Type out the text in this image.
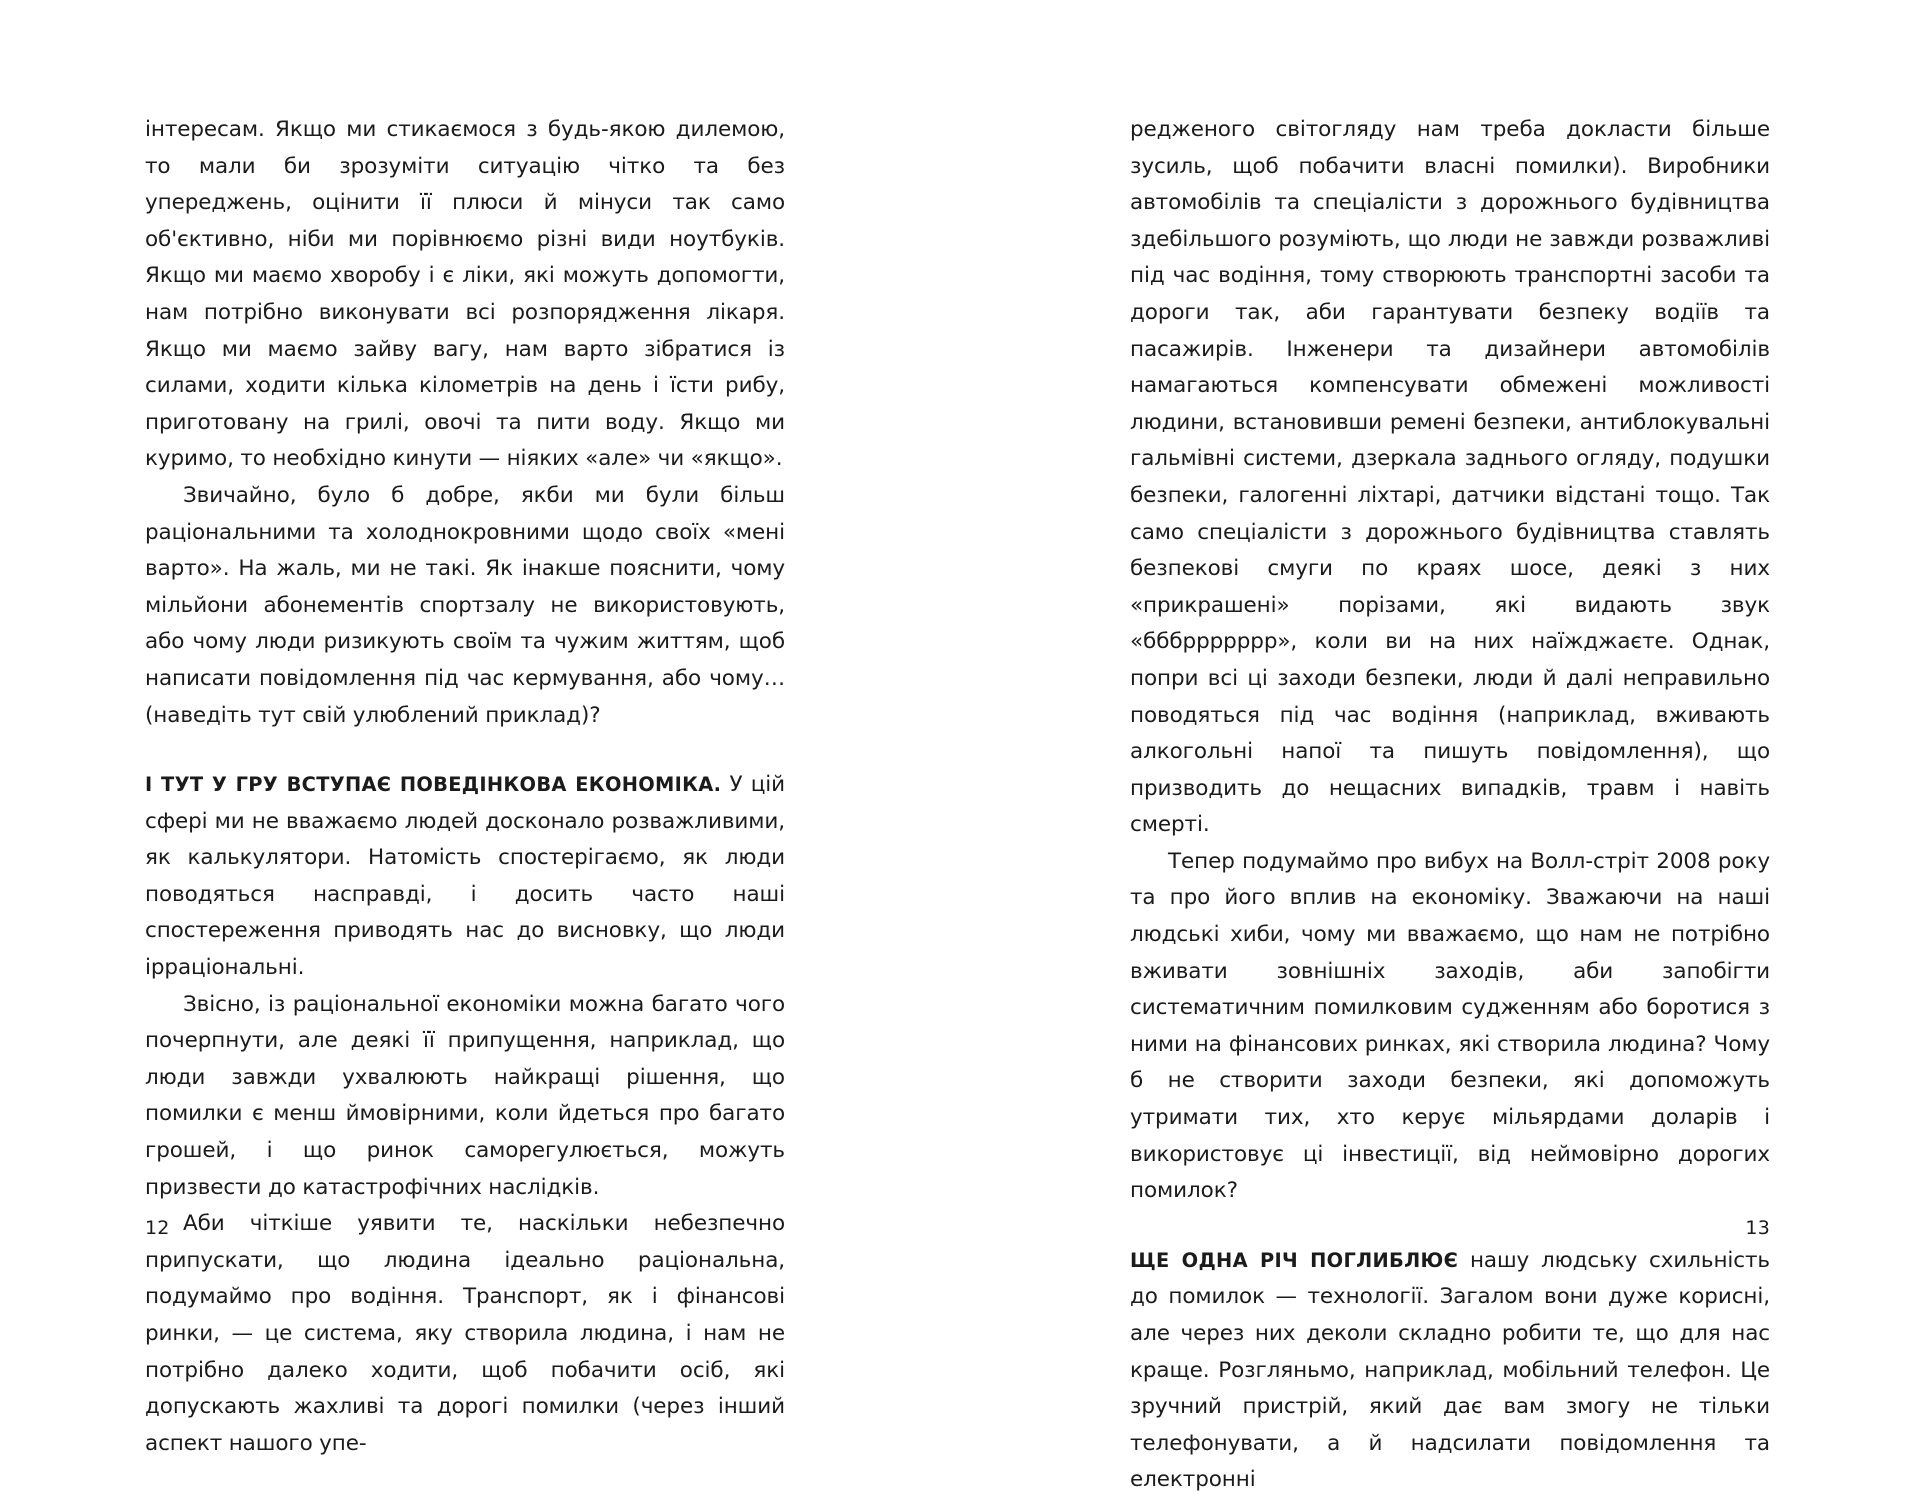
інтересам. Якщо ми стикаємося з будь-якою дилемою, то мали би зрозуміти ситуацію чітко та без упереджень, оцінити її плюси й мінуси так само об'єктивно, ніби ми порівнюємо різні види ноутбуків. Якщо ми маємо хворобу і є ліки, які можуть допомогти, нам потрібно виконувати всі розпорядження лікаря. Якщо ми маємо зайву вагу, нам варто зібратися із силами, ходити кілька кілометрів на день і їсти рибу, приготовану на грилі, овочі та пити воду. Якщо ми куримо, то необхідно кинути — ніяких «але» чи «якщо».

Звичайно, було б добре, якби ми були більш раціональними та холоднокровними щодо своїх «мені варто». На жаль, ми не такі. Як інакше пояснити, чому мільйони абонементів спортзалу не використовують, або чому люди ризикують своїм та чужим життям, щоб написати повідомлення під час кермування, або чому… (наведіть тут свій улюблений приклад)?

І ТУТ У ГРУ ВСТУПАЄ ПОВЕДІНКОВА ЕКОНОМІКА. У цій сфері ми не вважаємо людей досконало розважливими, як калькулятори. Натомість спостерігаємо, як люди поводяться насправді, і досить часто наші спостереження приводять нас до висновку, що люди ірраціональні.

Звісно, із раціональної економіки можна багато чого почерпнути, але деякі її припущення, наприклад, що люди завжди ухвалюють найкращі рішення, що помилки є менш ймовірними, коли йдеться про багато грошей, і що ринок саморегулюється, можуть призвести до катастрофічних наслідків.

Аби чіткіше уявити те, наскільки небезпечно припускати, що людина ідеально раціональна, подумаймо про водіння. Транспорт, як і фінансові ринки, — це система, яку створила людина, і нам не потрібно далеко ходити, щоб побачити осіб, які допускають жахливі та дорогі помилки (через інший аспект нашого упе-

12

редженого світогляду нам треба докласти більше зусиль, щоб побачити власні помилки). Виробники автомобілів та спеціалісти з дорожнього будівництва здебільшого розуміють, що люди не завжди розважливі під час водіння, тому створюють транспортні засоби та дороги так, аби гарантувати безпеку водіїв та пасажирів. Інженери та дизайнери автомобілів намагаються компенсувати обмежені можливості людини, встановивши ремені безпеки, антиблокувальні гальмівні системи, дзеркала заднього огляду, подушки безпеки, галогенні ліхтарі, датчики відстані тощо. Так само спеціалісти з дорожнього будівництва ставлять безпекові смуги по краях шосе, деякі з них «прикрашені» порізами, які видають звук «бббррррррр», коли ви на них наїжджаєте. Однак, попри всі ці заходи безпеки, люди й далі неправильно поводяться під час водіння (наприклад, вживають алкогольні напої та пишуть повідомлення), що призводить до нещасних випадків, травм і навіть смерті.

Тепер подумаймо про вибух на Волл-стріт 2008 року та про його вплив на економіку. Зважаючи на наші людські хиби, чому ми вважаємо, що нам не потрібно вживати зовнішніх заходів, аби запобігти систематичним помилковим судженням або боротися з ними на фінансових ринках, які створила людина? Чому б не створити заходи безпеки, які допоможуть утримати тих, хто керує мільярдами доларів і використовує ці інвестиції, від неймовірно дорогих помилок?

ЩЕ ОДНА РІЧ ПОГЛИБЛЮЄ нашу людську схильність до помилок — технології. Загалом вони дуже корисні, але через них деколи складно робити те, що для нас краще. Розгляньмо, наприклад, мобільний телефон. Це зручний пристрій, який дає вам змогу не тільки телефонувати, а й надсилати повідомлення та електронні

13
